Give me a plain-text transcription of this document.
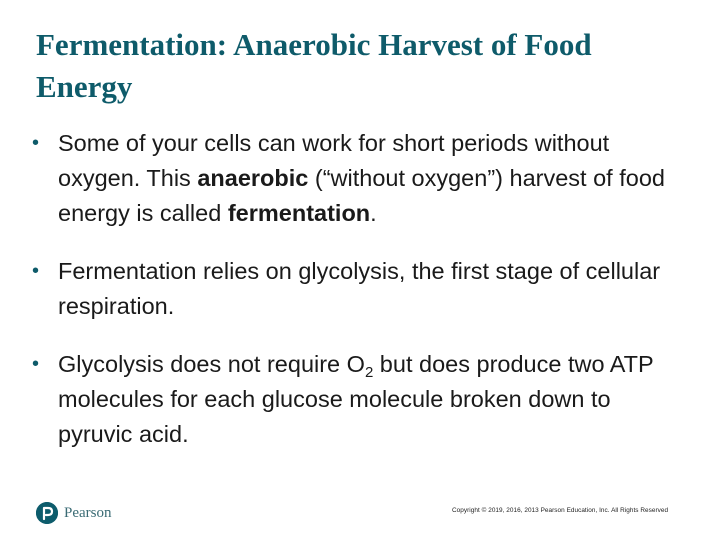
Fermentation: Anaerobic Harvest of Food Energy
• Some of your cells can work for short periods without oxygen. This anaerobic (“without oxygen”) harvest of food energy is called fermentation.
• Fermentation relies on glycolysis, the first stage of cellular respiration.
• Glycolysis does not require $O_2$ but does produce two ATP molecules for each glucose molecule broken down to pyruvic acid.
Pearson	Copyright © 2019, 2016, 2013 Pearson Education, Inc. All Rights Reserved
